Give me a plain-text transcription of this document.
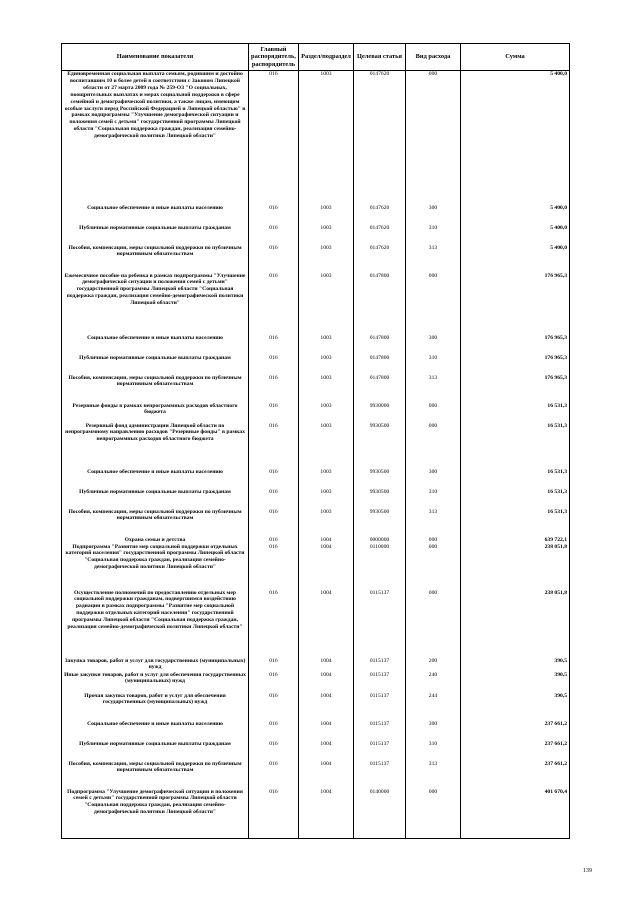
Наименование показателя	Главный распорядитель, распорядитель	Раздел/подраздел	Целевая статья	Вид расхода	Сумма
Единовременная социальная выплата семьям, родившим и достойно воспитавшим 10 и более детей в соответствии с Законом Липецкой области от 27 марта 2009 года № 259-ОЗ "О социальных, поощрительных выплатах и мерах социальной поддержки в сфере семейной и демографической политики, а также лицам, имеющим особые заслуги перед Российской Федерацией и Липецкой областью" в рамках подпрограммы "Улучшение демографической ситуации и положения семей с детьми" государственной программы Липецкой области "Социальная поддержка граждан, реализация семейно-демографической политики Липецкой области"	016	1003	0147620	000	5 400,0
Социальное обеспечение и иные выплаты населению	016	1003	0147620	300	5 400,0
Публичные нормативные социальные выплаты гражданам	016	1003	0147620	310	5 400,0
Пособия, компенсации, меры социальной поддержки по публичным нормативным обязательствам	016	1003	0147620	313	5 400,0
Ежемесячное пособие на ребенка в рамках подпрограммы "Улучшение демографической ситуации и положения семей с детьми" государственной программы Липецкой области "Социальная поддержка граждан, реализация семейно-демографической политики Липецкой области"	016	1003	0147800	000	176 965,3
Социальное обеспечение и иные выплаты населению	016	1003	0147800	300	176 965,3
Публичные нормативные социальные выплаты гражданам	016	1003	0147800	310	176 965,3
Пособия, компенсации, меры социальной поддержки по публичным нормативным обязательствам	016	1003	0147800	313	176 965,3
Резервные фонды в рамках непрограммных расходов областного бюджета	016	1003	9930000	000	16 531,3
Резервный фонд администрации Липецкой области по непрограммному направлению расходов "Резервные фонды" в рамках непрограммных расходов областного бюджета	016	1003	9930500	000	16 531,3
Социальное обеспечение и иные выплаты населению	016	1003	9930500	300	16 531,3
Публичные нормативные социальные выплаты гражданам	016	1003	9930500	310	16 531,3
Пособия, компенсации, меры социальной поддержки по публичным нормативным обязательствам	016	1003	9930500	313	16 531,3
Охрана семьи и детства	016	1004	0000000	000	639 722,1
Подпрограмма "Развитие мер социальной поддержки отдельных категорий населения" государственной программы Липецкой области "Социальная поддержка граждан, реализация семейно-демографической политики Липецкой области"	016	1004	0110000	000	238 051,8
Осуществление полномочий по предоставлению отдельных мер социальной поддержки гражданам, подвергшимся воздействию радиации в рамках подпрограммы "Развитие мер социальной поддержки отдельных категорий населения" государственной программы Липецкой области "Социальная поддержка граждан, реализация семейно-демографической политики Липецкой области"	016	1004	0115137	000	238 051,8
Закупка товаров, работ и услуг для государственных (муниципальных) нужд	016	1004	0115137	200	390,5
Иные закупки товаров, работ и услуг для обеспечения государственных (муниципальных) нужд	016	1004	0115137	240	390,5
Прочая закупка товаров, работ и услуг для обеспечения государственных (муниципальных) нужд	016	1004	0115137	244	390,5
Социальное обеспечение и иные выплаты населению	016	1004	0115137	300	237 661,2
Публичные нормативные социальные выплаты гражданам	016	1004	0115137	310	237 661,2
Пособия, компенсации, меры социальной поддержки по публичным нормативным обязательствам	016	1004	0115137	313	237 661,2
Подпрограмма "Улучшение демографической ситуации и положения семей с детьми" государственной программы Липецкой области "Социальная поддержка граждан, реализация семейно-демографической политики Липецкой области"	016	1004	0140000	000	401 670,4
139
